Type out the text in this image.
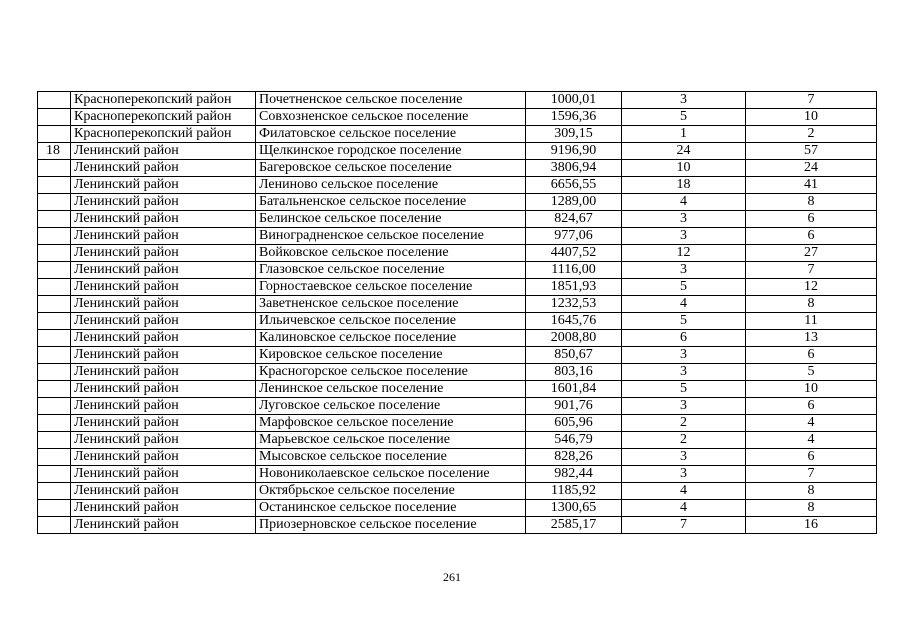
	Красноперекопский район	Почетненское сельское поселение	1000,01	3	7
	Красноперекопский район	Совхозненское сельское поселение	1596,36	5	10
	Красноперекопский район	Филатовское сельское поселение	309,15	1	2
18	Ленинский район	Щелкинское городское поселение	9196,90	24	57
	Ленинский район	Багеровское сельское поселение	3806,94	10	24
	Ленинский район	Лениново сельское поселение	6656,55	18	41
	Ленинский район	Батальненское сельское поселение	1289,00	4	8
	Ленинский район	Белинское сельское поселение	824,67	3	6
	Ленинский район	Виноградненское сельское поселение	977,06	3	6
	Ленинский район	Войковское сельское поселение	4407,52	12	27
	Ленинский район	Глазовское сельское поселение	1116,00	3	7
	Ленинский район	Горностаевское сельское поселение	1851,93	5	12
	Ленинский район	Заветненское сельское поселение	1232,53	4	8
	Ленинский район	Ильичевское сельское поселение	1645,76	5	11
	Ленинский район	Калиновское сельское поселение	2008,80	6	13
	Ленинский район	Кировское сельское поселение	850,67	3	6
	Ленинский район	Красногорское сельское поселение	803,16	3	5
	Ленинский район	Ленинское сельское поселение	1601,84	5	10
	Ленинский район	Луговское сельское поселение	901,76	3	6
	Ленинский район	Марфовское сельское поселение	605,96	2	4
	Ленинский район	Марьевское сельское поселение	546,79	2	4
	Ленинский район	Мысовское сельское поселение	828,26	3	6
	Ленинский район	Новониколаевское сельское поселение	982,44	3	7
	Ленинский район	Октябрьское сельское поселение	1185,92	4	8
	Ленинский район	Останинское сельское поселение	1300,65	4	8
	Ленинский район	Приозерновское сельское поселение	2585,17	7	16
261
